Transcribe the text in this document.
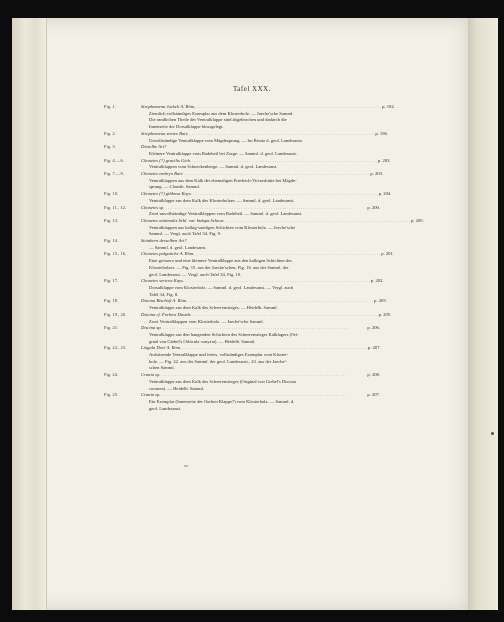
Tafel XXX.
Fig. 1.	Strophomena Jaekeli A. Röm. . . .	p. 192.
Ziemlich vollständiges Exemplar aus dem Klosterholz. — Jaeche'sche Samml.
Die randlichen Theile der Ventralklappe sind abgebrochen und dadurch die
Innenseite der Dorsalklappe blossgelegt.
Fig. 2.	Strophomena sentex Barr. . . .	p. 196.
Unvollständige Ventralklappe vom Mägdesprung. — Im Besitz d. geol. Landesanst.
Fig. 3.	Dieselbe Art?
Kleinere Ventralklappe vom Radebeil bei Zorge. — Samml. d. geol. Landesanst.
Fig. 4.—6.	Chonetes (?) gracilis Gieb. . . .	p. 203.
Ventralklappen vom Schneckenberge. — Samml. d. geol. Landesanst.
Fig. 7.—9.	Chonetes embryo Barr. . . .	p. 203.
Ventralklappen aus dem Kalk der ehemaligen Friedrich-Victorshütte bei Mägde-
sprung. — Clausth. Samml.
Fig. 10.	Chonetes (?) gibbosa Kays. . . .	p. 204.
Ventralklappe aus dem Kalk des Klosterholzes. — Samml. d. geol. Landesanst.
Fig. 11., 12.	Chonetes sp. . . .	p. 200.
Zwei unvollständige Ventralklappen vom Radebeil. — Samml. d. geol. Landesanst.
Fig. 13.	Chonetes minimalis Schl. var. bidupa Schnur. . . .	p. 200.
Ventralklappen aus kalkig-sandigen Schichten vom Klosterholz. — Jaeche'sche
Samml. — Vergl. auch Tafel 34, Fig. 9.
Fig. 14.	Steinkern derselben Art?
— Samml. d. geol. Landesanst.
Fig. 15., 16.	Chonetes pulgatiche A. Röm. . . .	p. 201.
Eine grössere und eine kleinere Ventralklappe aus den kalkigen Schichten des
Klosterholzes. — Fig. 15. aus der Jaeche'schen, Fig. 16. aus der Samml. der
geol. Landesanst. — Vergl. auch Tafel 34, Fig. 10.
Fig. 17.	Chonetes sericea Kays. . . .	p. 202.
Dorsalklappe vom Klosterholz. — Samml. d. geol. Landesanst. — Vergl. auch
Tafel 34, Fig. 8.
Fig. 18.	Discina Bischofi A. Röm. . . .	p. 205.
Ventralklappe aus dem Kalk des Scheerenstieges. — Heidelb. Samml.
Fig. 19., 20.	Discina cf. Forbesi Davids. . . .	p. 205.
Zwei Ventralklappen vom Klosterholz. — Jaeche'sche Samml.
Fig. 21.	Discina sp. . . .	p. 206.
Ventralklappe aus den hangenden Schichten des Scheerenstieger Kalklagers (Ori-
ginal von Giebel's Orbicula conyzia). — Heidelb. Samml.
Fig. 22., 23.	Lingula Dovi A. Röm. . . .	p. 207.
Aufsitzende Ventralklappe und freies, vollständiges Exemplar vom Kloster-
holz. — Fig. 22. aus der Samml. der geol. Landesanst., 23. aus der Jaeche'-
schen Samml.
Fig. 24.	Crania sp. . . .	p. 208.
Ventralklappe aus dem Kalk des Scheerenstieges (Original von Giebel's Discina
coronea). — Heidelb. Samml.
Fig. 25.	Crania sp. . . .	p. 207.
Ein Exemplar (Innenseite der flachen Klappe?) vom Klosterholz. — Samml. d.
geol. Landesanst.
oo
